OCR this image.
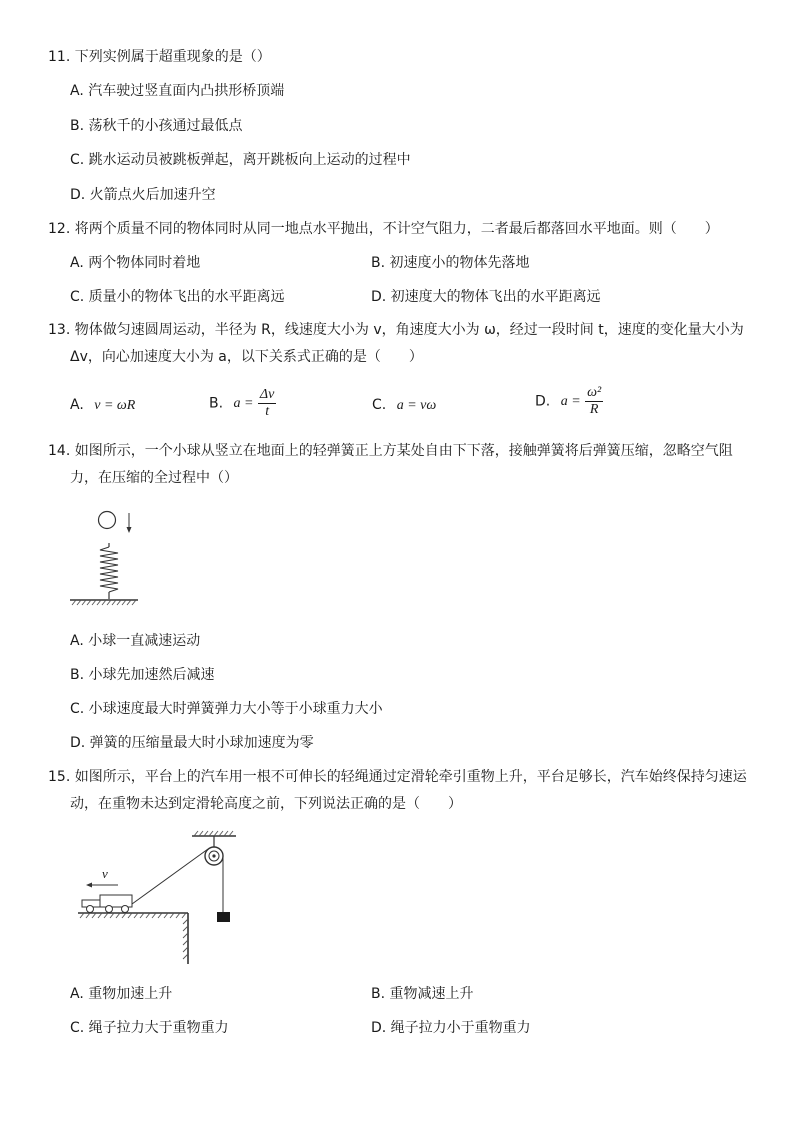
11. 下列实例属于超重现象的是（）
A. 汽车驶过竖直面内凸拱形桥顶端
B. 荡秋千的小孩通过最低点
C. 跳水运动员被跳板弹起，离开跳板向上运动的过程中
D. 火箭点火后加速升空
12. 将两个质量不同的物体同时从同一地点水平抛出，不计空气阻力，二者最后都落回水平地面。则（　　）
A. 两个物体同时着地	B. 初速度小的物体先落地
C. 质量小的物体飞出的水平距离远	D. 初速度大的物体飞出的水平距离远
13. 物体做匀速圆周运动，半径为 R，线速度大小为 v，角速度大小为 ω，经过一段时间 t，速度的变化量大小为
Δv，向心加速度大小为 a，以下关系式正确的是（　　）
A. v = ωR	B. $a = \frac{\Delta v}{t}$	C. a = vω	D. $a = \frac{\text{ω²}}{R}$
14. 如图所示，一个小球从竖立在地面上的轻弹簧正上方某处自由下下落，接触弹簧将后弹簧压缩，忽略空气阻
力，在压缩的全过程中（）
A. 小球一直减速运动
B. 小球先加速然后减速
C. 小球速度最大时弹簧弹力大小等于小球重力大小
D. 弹簧的压缩量最大时小球加速度为零
15. 如图所示，平台上的汽车用一根不可伸长的轻绳通过定滑轮牵引重物上升，平台足够长，汽车始终保持匀速运
动，在重物未达到定滑轮高度之前，下列说法正确的是（　　）
v
A. 重物加速上升	B. 重物减速上升
C. 绳子拉力大于重物重力	D. 绳子拉力小于重物重力
